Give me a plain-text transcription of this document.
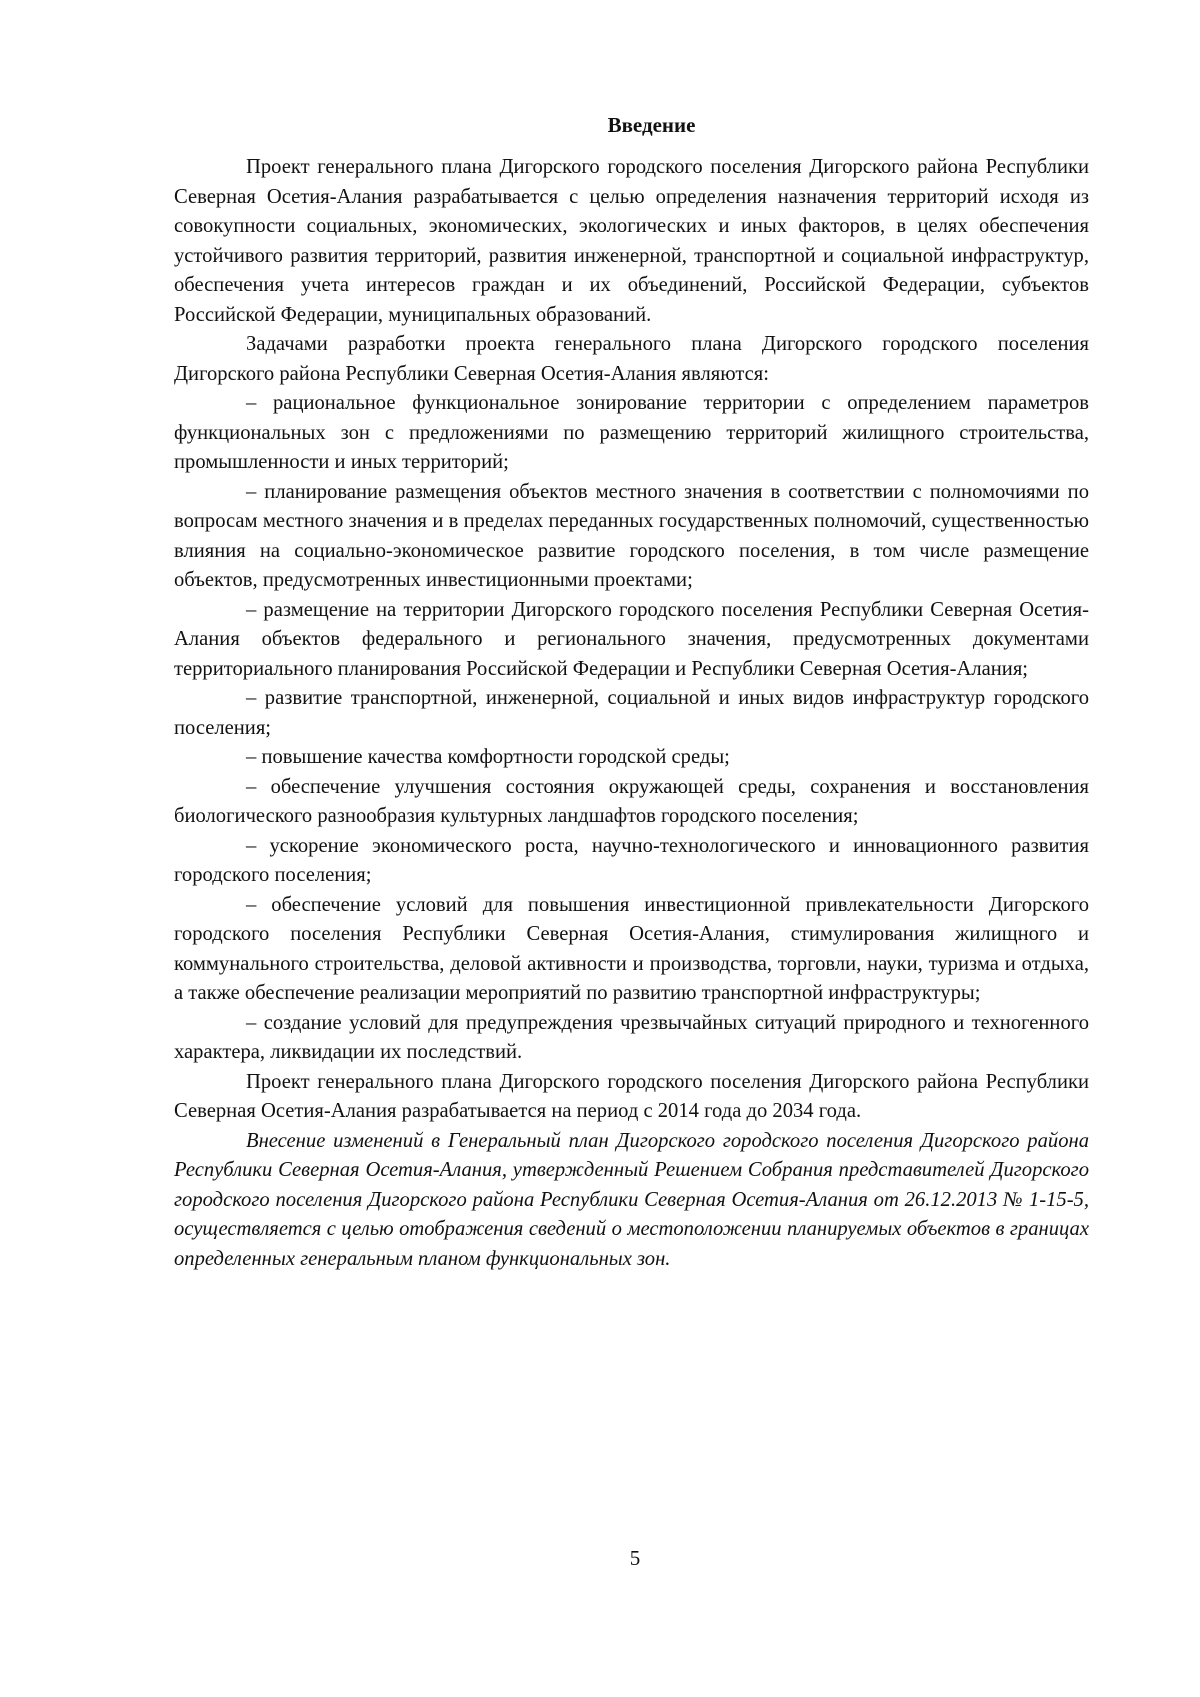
Введение

Проект генерального плана Дигорского городского поселения Дигорского района Республики Северная Осетия-Алания разрабатывается с целью определения назначения территорий исходя из совокупности социальных, экономических, экологических и иных факторов, в целях обеспечения устойчивого развития территорий, развития инженерной, транспортной и социальной инфраструктур, обеспечения учета интересов граждан и их объединений, Российской Федерации, субъектов Российской Федерации, муниципальных образований.

Задачами разработки проекта генерального плана Дигорского городского поселения Дигорского района Республики Северная Осетия-Алания являются:

– рациональное функциональное зонирование территории с определением параметров функциональных зон с предложениями по размещению территорий жилищного строительства, промышленности и иных территорий;

– планирование размещения объектов местного значения в соответствии с полномочиями по вопросам местного значения и в пределах переданных государственных полномочий, существенностью влияния на социально-экономическое развитие городского поселения, в том числе размещение объектов, предусмотренных инвестиционными проектами;

– размещение на территории Дигорского городского поселения Республики Северная Осетия-Алания объектов федерального и регионального значения, предусмотренных документами территориального планирования Российской Федерации и Республики Северная Осетия-Алания;

– развитие транспортной, инженерной, социальной и иных видов инфраструктур городского поселения;

– повышение качества комфортности городской среды;

– обеспечение улучшения состояния окружающей среды, сохранения и восстановления биологического разнообразия культурных ландшафтов городского поселения;

– ускорение экономического роста, научно-технологического и инновационного развития городского поселения;

– обеспечение условий для повышения инвестиционной привлекательности Дигорского городского поселения Республики Северная Осетия-Алания, стимулирования жилищного и коммунального строительства, деловой активности и производства, торговли, науки, туризма и отдыха, а также обеспечение реализации мероприятий по развитию транспортной инфраструктуры;

– создание условий для предупреждения чрезвычайных ситуаций природного и техногенного характера, ликвидации их последствий.

Проект генерального плана Дигорского городского поселения Дигорского района Республики Северная Осетия-Алания разрабатывается на период с 2014 года до 2034 года.

Внесение изменений в Генеральный план Дигорского городского поселения Дигорского района Республики Северная Осетия-Алания, утвержденный Решением Собрания представителей Дигорского городского поселения Дигорского района Республики Северная Осетия-Алания от 26.12.2013 № 1-15-5, осуществляется с целью отображения сведений о местоположении планируемых объектов в границах определенных генеральным планом функциональных зон.

5
